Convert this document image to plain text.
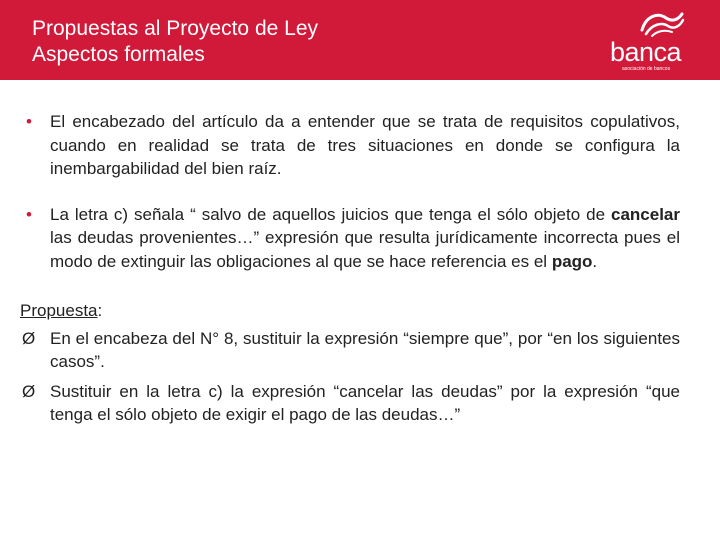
Propuestas al Proyecto de Ley
Aspectos formales	banca
asociación de bancos
• El encabezado del artículo da a entender que se trata de requisitos copulativos, cuando en realidad se trata de tres situaciones en donde se configura la inembargabilidad del bien raíz.
• La letra c) señala “ salvo de aquellos juicios que tenga el sólo objeto de cancelar las deudas provenientes…” expresión que resulta jurídicamente incorrecta pues el modo de extinguir las obligaciones al que se hace referencia es el pago.
Propuesta:
Ø En el encabeza del N° 8, sustituir la expresión “siempre que”, por “en los siguientes casos”.
Ø Sustituir en la letra c) la expresión “cancelar las deudas” por la expresión “que tenga el sólo objeto de exigir el pago de las deudas…”
